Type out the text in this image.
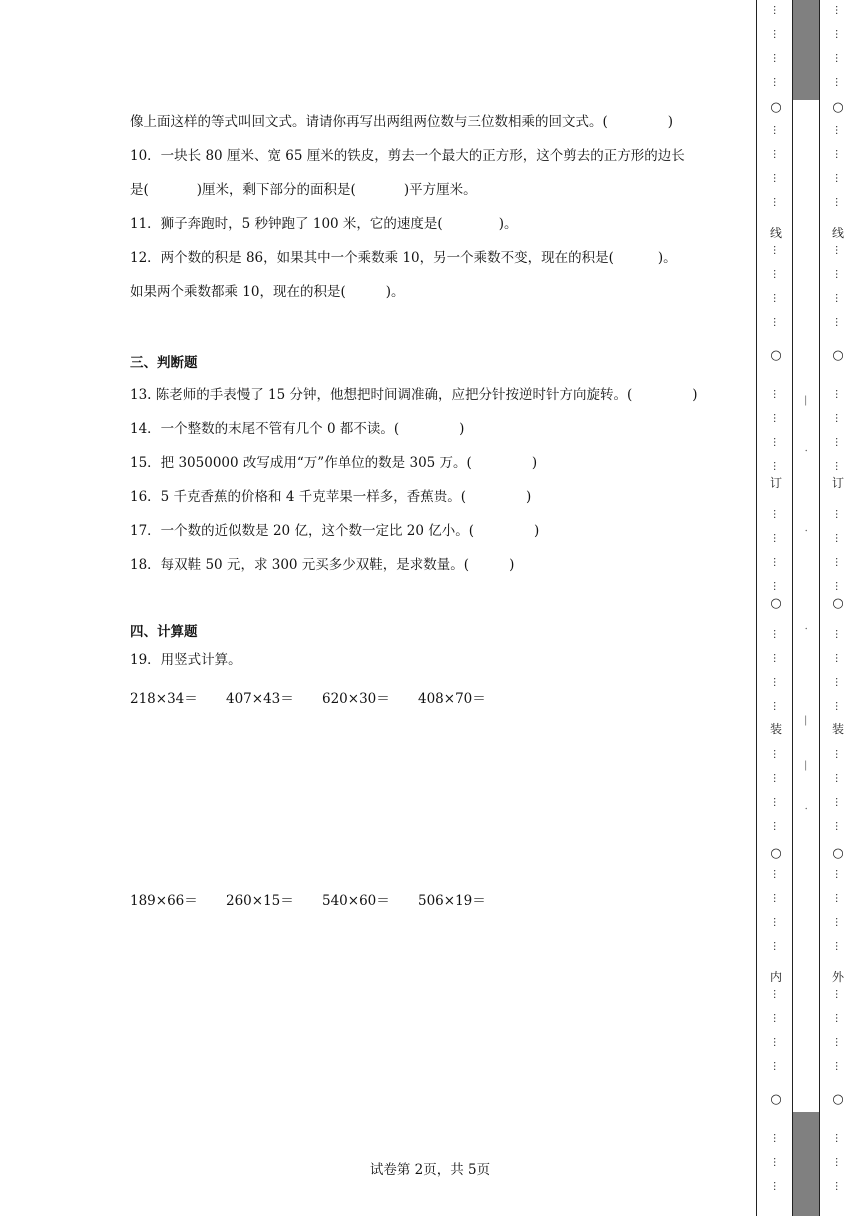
像上面这样的等式叫回文式。请请你再写出两组两位数与三位数相乘的回文式。(	)
10．一块长 80 厘米、宽 65 厘米的铁皮，剪去一个最大的正方形，这个剪去的正方形的边长
是(	)厘米，剩下部分的面积是(	)平方厘米。
11．狮子奔跑时，5 秒钟跑了 100 米，它的速度是(	)。
12．两个数的积是 86，如果其中一个乘数乘 10，另一个乘数不变，现在的积是(	)。
如果两个乘数都乘 10，现在的积是(	)。
三、判断题
13. 陈老师的手表慢了 15 分钟，他想把时间调准确，应把分针按逆时针方向旋转。(	)
14．一个整数的末尾不管有几个 0 都不读。(	)
15．把 3050000 改写成用“万”作单位的数是 305 万。(	)
16．5 千克香蕉的价格和 4 千克苹果一样多，香蕉贵。(	)
17．一个数的近似数是 20 亿，这个数一定比 20 亿小。(	)
18．每双鞋 50 元，求 300 元买多少双鞋，是求数量。(	)
四、计算题
19．用竖式计算。
218×34＝ 407×43＝ 620×30＝ 408×70＝
189×66＝ 260×15＝ 540×60＝ 506×19＝
试卷第 2页，共 5页
○
○
○
○
○
线
订
装
内
…
…
…
…
…
…
…
…
…
…
…
…
…
…
…
…
…
…
…
…
…
…
…
…
…
…
…
…
…
…
…
…
…
…
…
…
…
…
…
—
·
·
·
—
—
·
○
○
○
○
○
线
订
装
外
…
…
…
…
…
…
…
…
…
…
…
…
…
…
…
…
…
…
…
…
…
…
…
…
…
…
…
…
…
…
…
…
…
…
…
…
…
…
…
